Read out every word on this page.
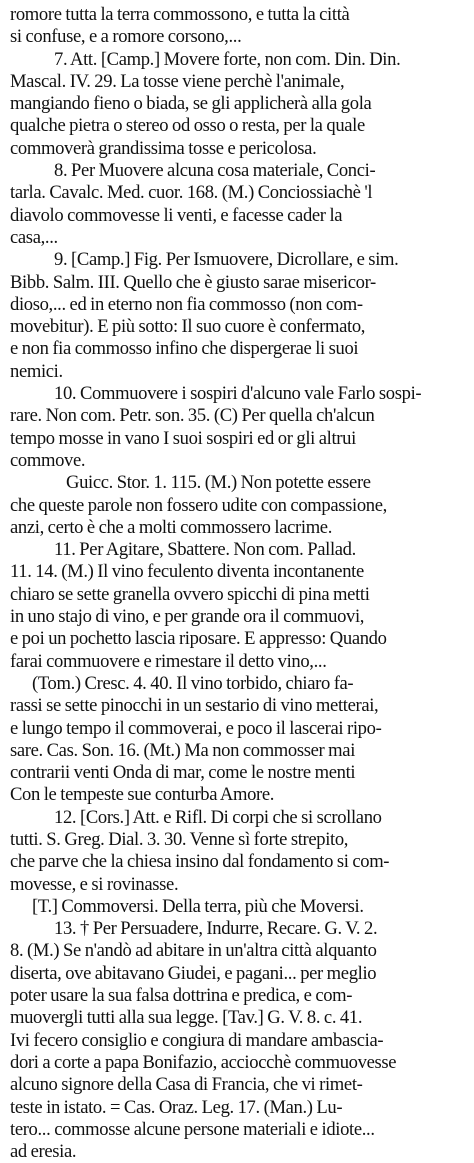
romore tutta la terra commossono, e tutta la città
si confuse, e a romore corsono,...
7. Att. [Camp.] Movere forte, non com. Din. Din.
Mascal. IV. 29. La tosse viene perchè l'animale,
mangiando fieno o biada, se gli applicherà alla gola
qualche pietra o stereo od osso o resta, per la quale
commoverà grandissima tosse e pericolosa.
8. Per Muovere alcuna cosa materiale, Conci-
tarla. Cavalc. Med. cuor. 168. (M.) Conciossiachè 'l
diavolo commovesse li venti, e facesse cader la
casa,...
9. [Camp.] Fig. Per Ismuovere, Dicrollare, e sim.
Bibb. Salm. III. Quello che è giusto sarae misericor-
dioso,... ed in eterno non fia commosso (non com-
movebitur). E più sotto: Il suo cuore è confermato,
e non fia commosso infino che dispergerae li suoi
nemici.
10. Commuovere i sospiri d'alcuno vale Farlo sospi-
rare. Non com. Petr. son. 35. (C) Per quella ch'alcun
tempo mosse in vano I suoi sospiri ed or gli altrui
commove.
Guicc. Stor. 1. 115. (M.) Non potette essere
che queste parole non fossero udite con compassione,
anzi, certo è che a molti commossero lacrime.
11. Per Agitare, Sbattere. Non com. Pallad.
11. 14. (M.) Il vino feculento diventa incontanente
chiaro se sette granella ovvero spicchi di pina metti
in uno stajo di vino, e per grande ora il commuovi,
e poi un pochetto lascia riposare. E appresso: Quando
farai commuovere e rimestare il detto vino,...
(Tom.) Cresc. 4. 40. Il vino torbido, chiaro fa-
rassi se sette pinocchi in un sestario di vino metterai,
e lungo tempo il commoverai, e poco il lascerai ripo-
sare. Cas. Son. 16. (Mt.) Ma non commosser mai
contrarii venti Onda di mar, come le nostre menti
Con le tempeste sue conturba Amore.
12. [Cors.] Att. e Rifl. Di corpi che si scrollano
tutti. S. Greg. Dial. 3. 30. Venne sì forte strepito,
che parve che la chiesa insino dal fondamento si com-
movesse, e si rovinasse.
[T.] Commoversi. Della terra, più che Moversi.
13. † Per Persuadere, Indurre, Recare. G. V. 2.
8. (M.) Se n'andò ad abitare in un'altra città alquanto
diserta, ove abitavano Giudei, e pagani... per meglio
poter usare la sua falsa dottrina e predica, e com-
muovergli tutti alla sua legge. [Tav.] G. V. 8. c. 41.
Ivi fecero consiglio e congiura di mandare ambascia-
dori a corte a papa Bonifazio, acciocchè commuovesse
alcuno signore della Casa di Francia, che vi rimet-
teste in istato. = Cas. Oraz. Leg. 17. (Man.) Lu-
tero... commosse alcune persone materiali e idiote...
ad eresia.
